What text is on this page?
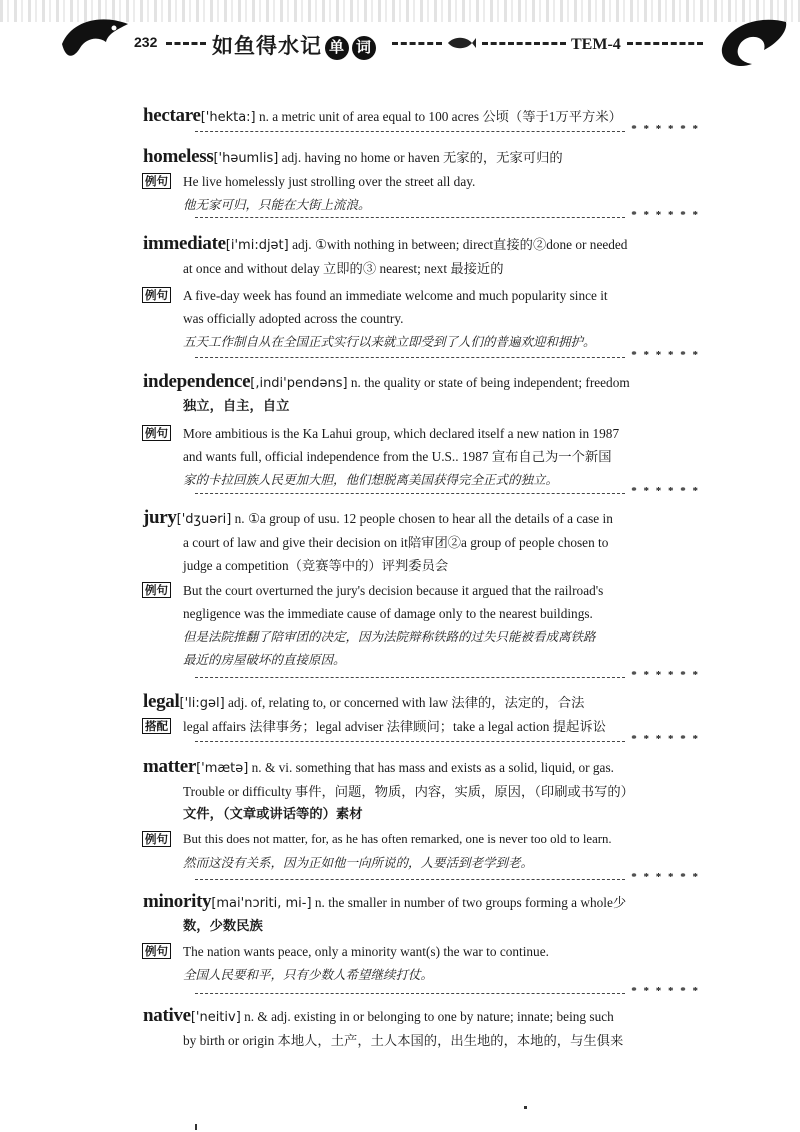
232	如鱼得水记 单 词	TEM-4
hectare['hekta:] n. a metric unit of area equal to 100 acres 公顷（等于1万平方米）
* * * * * *
homeless['həumlis] adj. having no home or haven 无家的，无家可归的
例句 He live homelessly just strolling over the street all day.
他无家可归，只能在大街上流浪。
* * * * * *
immediate[i'mi:djət] adj. ①with nothing in between; direct直接的②done or needed
at once and without delay 立即的③ nearest; next 最接近的
例句 A five-day week has found an immediate welcome and much popularity since it
was officially adopted across the country.
五天工作制自从在全国正式实行以来就立即受到了人们的普遍欢迎和拥护。
* * * * * *
independence[,indi'pendəns] n. the quality or state of being independent; freedom
独立，自主，自立
例句 More ambitious is the Ka Lahui group, which declared itself a new nation in 1987
and wants full, official independence from the U.S.. 1987 宣布自己为一个新国
家的卡拉回族人民更加大胆，他们想脱离美国获得完全正式的独立。
* * * * * *
jury['dʒuəri] n. ①a group of usu. 12 people chosen to hear all the details of a case in
a court of law and give their decision on it陪审团②a group of people chosen to
judge a competition（竞赛等中的）评判委员会
例句 But the court overturned the jury's decision because it argued that the railroad's
negligence was the immediate cause of damage only to the nearest buildings.
但是法院推翻了陪审团的决定，因为法院辩称铁路的过失只能被看成离铁路
最近的房屋破坏的直接原因。
* * * * * *
legal['li:gəl] adj. of, relating to, or concerned with law 法律的，法定的，合法
搭配 legal affairs 法律事务；legal adviser 法律顾问；take a legal action 提起诉讼
* * * * * *
matter['mætə] n. & vi. something that has mass and exists as a solid, liquid, or gas.
Trouble or difficulty 事件，问题，物质，内容，实质，原因，（印刷或书写的）
文件，（文章或讲话等的）素材
例句 But this does not matter, for, as he has often remarked, one is never too old to learn.
然而这没有关系，因为正如他一向所说的，人要活到老学到老。
* * * * * *
minority[mai'nɔriti, mi-] n. the smaller in number of two groups forming a whole少
数，少数民族
例句 The nation wants peace, only a minority want(s) the war to continue.
全国人民要和平，只有少数人希望继续打仗。
* * * * * *
native['neitiv] n. & adj. existing in or belonging to one by nature; innate; being such
by birth or origin 本地人，土产，土人本国的，出生地的，本地的，与生俱来
